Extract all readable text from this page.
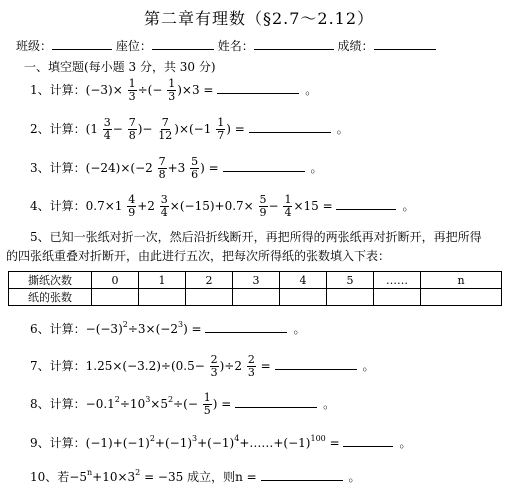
第二章有理数（§2.7～2.12）
班级：	座位：	姓名：	成绩：
一、填空题(每小题 3 分，共 30 分)
1、计算：$(-3)\times \frac{1}{3}$ ÷(− $\frac{1}{3} )\times 3$ =	。
2、计算：($1 \frac{3}{4} - \frac{7}{8}$ )− $\frac{7}{12} )\times(-1 \frac{1}{7}$ ) =	。
3、计算：$(-24)\times(-2 \frac{7}{8} +3 \frac{5}{6}$ ) =	。
4、计算：$0.7\times 1 \frac{4}{9} +2 \frac{3}{4} \times(-15)+0.7\times \frac{5}{9} - \frac{1}{4} \times 15$ =	。
5、已知一张纸对折一次，然后沿折线断开，再把所得的两张纸再对折断开，再把所得
的四张纸重叠对折断开，由此进行五次，把每次所得纸的张数填入下表：
撕纸次数	0	1	2	3	4	5	……	n
纸的张数								
6、计算：$-(-3)^2\div 3\times(-2^3)$ =	。
7、计算：$1.25\times(-3.2)\div(0.5- \frac{2}{3} )\div 2 \frac{2}{3}$ =	。
8、计算：$-0.1^2\div 10^3\times 5^2\div(- \frac{1}{5}$ ) =	。
9、计算：$(-1)+(-1)^2+(-1)^3+(-1)^4+\dots\dots+(-1)^{100}$ =	。
10、若$-5^n+10\times 3^2 = -35$ 成立，则n =	。
